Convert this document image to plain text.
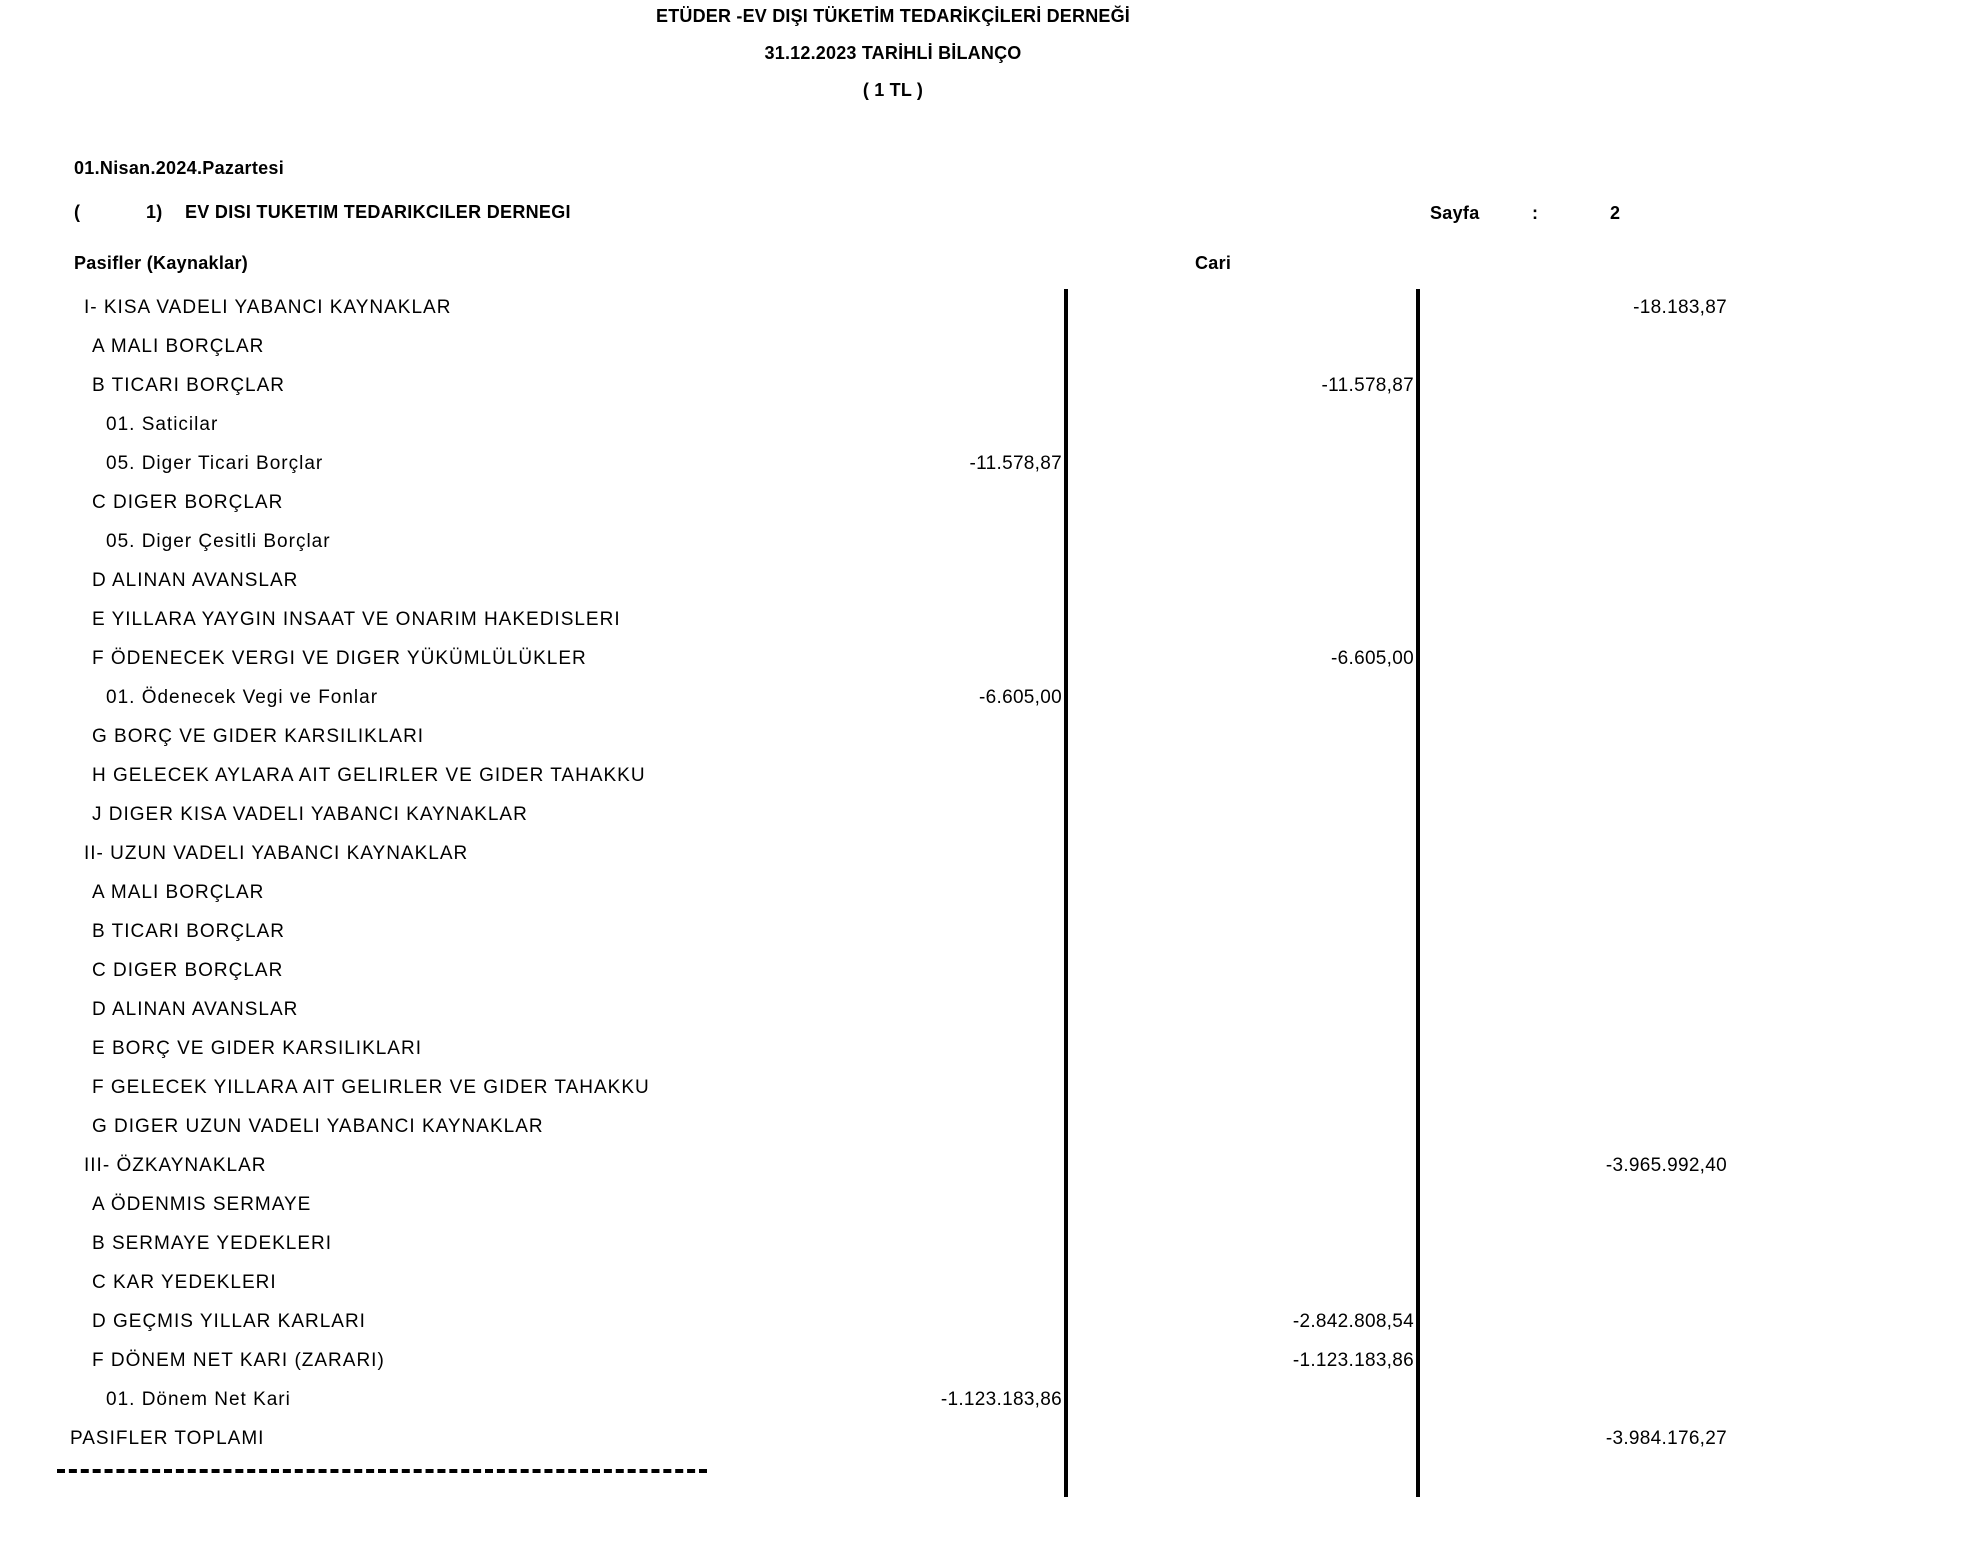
ETÜDER -EV DIŞI TÜKETİM TEDARİKÇİLERİ DERNEĞİ
31.12.2023 TARİHLİ BİLANÇO
( 1 TL )
01.Nisan.2024.Pazartesi
(	1) EV DISI TUKETIM TEDARIKCILER DERNEGI	Sayfa	:	2
Pasifler (Kaynaklar)	Cari
I- KISA VADELI YABANCI KAYNAKLAR	-18.183,87
A MALI BORÇLAR
B TICARI BORÇLAR	-11.578,87
01. Saticilar
05. Diger Ticari Borçlar	-11.578,87
C DIGER BORÇLAR
05. Diger Çesitli Borçlar
D ALINAN AVANSLAR
E YILLARA YAYGIN INSAAT VE ONARIM HAKEDISLERI
F ÖDENECEK VERGI VE DIGER YÜKÜMLÜLÜKLER	-6.605,00
01. Ödenecek Vegi ve Fonlar	-6.605,00
G BORÇ VE GIDER KARSILIKLARI
H GELECEK AYLARA AIT GELIRLER VE GIDER TAHAKKU
J DIGER KISA VADELI YABANCI KAYNAKLAR
II- UZUN VADELI YABANCI KAYNAKLAR
A MALI BORÇLAR
B TICARI BORÇLAR
C DIGER BORÇLAR
D ALINAN AVANSLAR
E BORÇ VE GIDER KARSILIKLARI
F GELECEK YILLARA AIT GELIRLER VE GIDER TAHAKKU
G DIGER UZUN VADELI YABANCI KAYNAKLAR
III- ÖZKAYNAKLAR	-3.965.992,40
A ÖDENMIS SERMAYE
B SERMAYE YEDEKLERI
C KAR YEDEKLERI
D GEÇMIS YILLAR KARLARI	-2.842.808,54
F DÖNEM NET KARI (ZARARI)	-1.123.183,86
01. Dönem Net Kari	-1.123.183,86
PASIFLER TOPLAMI	-3.984.176,27
